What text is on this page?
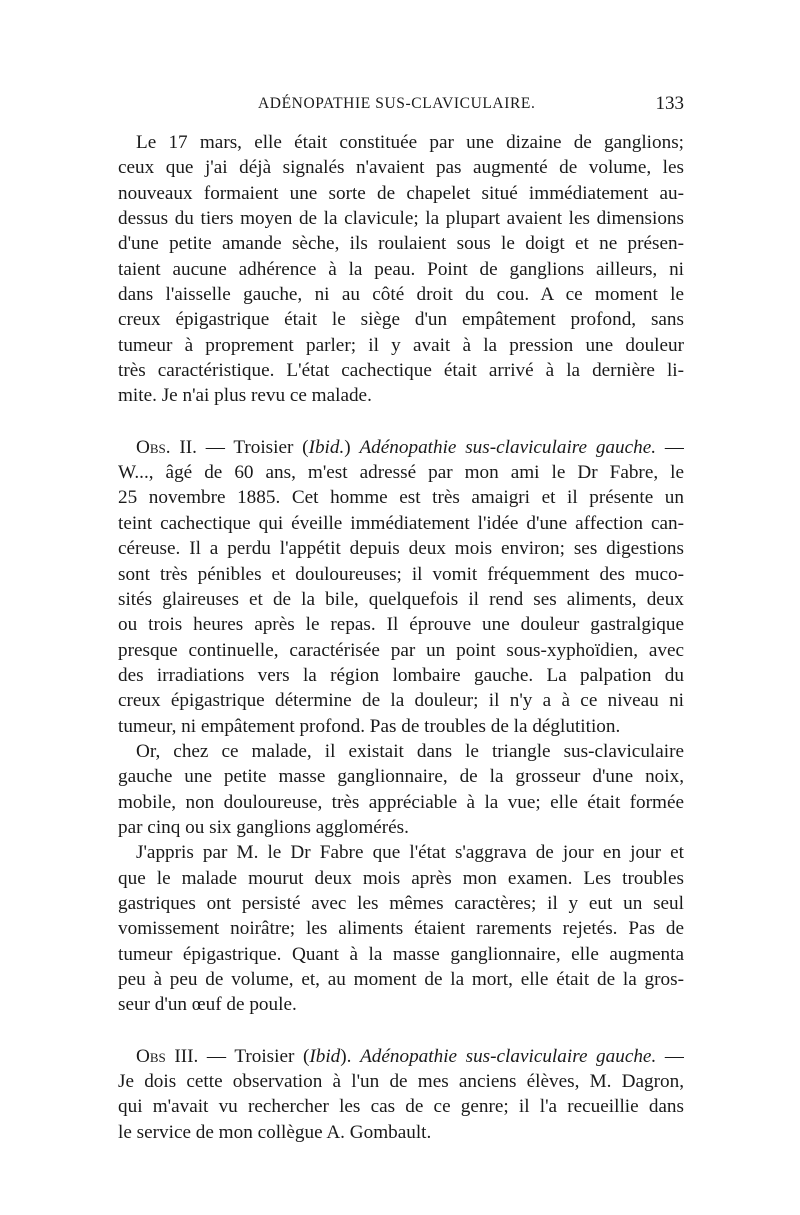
ADÉNOPATHIE SUS-CLAVICULAIRE.	133
Le 17 mars, elle était constituée par une dizaine de ganglions;
ceux que j'ai déjà signalés n'avaient pas augmenté de volume, les
nouveaux formaient une sorte de chapelet situé immédiatement au-
dessus du tiers moyen de la clavicule; la plupart avaient les dimensions
d'une petite amande sèche, ils roulaient sous le doigt et ne présen-
taient aucune adhérence à la peau. Point de ganglions ailleurs, ni
dans l'aisselle gauche, ni au côté droit du cou. A ce moment le
creux épigastrique était le siège d'un empâtement profond, sans
tumeur à proprement parler; il y avait à la pression une douleur
très caractéristique. L'état cachectique était arrivé à la dernière li-
mite. Je n'ai plus revu ce malade.
Obs. II. — Troisier (Ibid.) Adénopathie sus-claviculaire gauche. —
W..., âgé de 60 ans, m'est adressé par mon ami le Dr Fabre, le
25 novembre 1885. Cet homme est très amaigri et il présente un
teint cachectique qui éveille immédiatement l'idée d'une affection can-
céreuse. Il a perdu l'appétit depuis deux mois environ; ses digestions
sont très pénibles et douloureuses; il vomit fréquemment des muco-
sités glaireuses et de la bile, quelquefois il rend ses aliments, deux
ou trois heures après le repas. Il éprouve une douleur gastralgique
presque continuelle, caractérisée par un point sous-xyphoïdien, avec
des irradiations vers la région lombaire gauche. La palpation du
creux épigastrique détermine de la douleur; il n'y a à ce niveau ni
tumeur, ni empâtement profond. Pas de troubles de la déglutition.
Or, chez ce malade, il existait dans le triangle sus-claviculaire
gauche une petite masse ganglionnaire, de la grosseur d'une noix,
mobile, non douloureuse, très appréciable à la vue; elle était formée
par cinq ou six ganglions agglomérés.
J'appris par M. le Dr Fabre que l'état s'aggrava de jour en jour et
que le malade mourut deux mois après mon examen. Les troubles
gastriques ont persisté avec les mêmes caractères; il y eut un seul
vomissement noirâtre; les aliments étaient rarements rejetés. Pas de
tumeur épigastrique. Quant à la masse ganglionnaire, elle augmenta
peu à peu de volume, et, au moment de la mort, elle était de la gros-
seur d'un œuf de poule.
Obs III. — Troisier (Ibid). Adénopathie sus-claviculaire gauche. —
Je dois cette observation à l'un de mes anciens élèves, M. Dagron,
qui m'avait vu rechercher les cas de ce genre; il l'a recueillie dans
le service de mon collègue A. Gombault.
